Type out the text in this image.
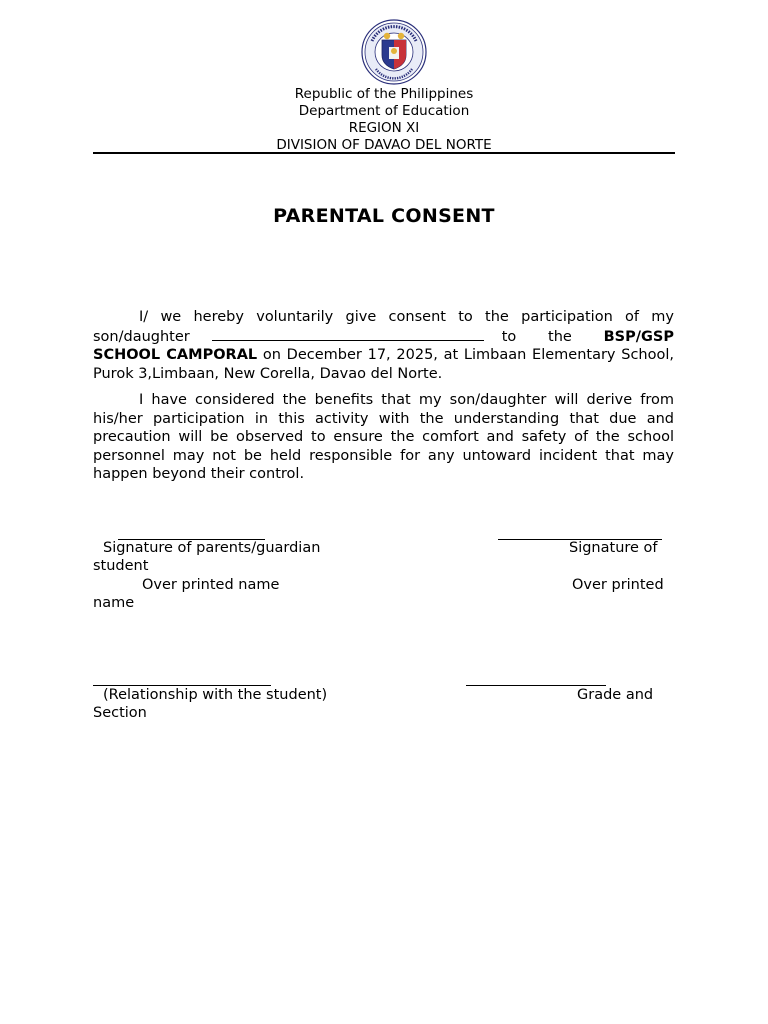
Republic of the Philippines
Department of Education
REGION XI
DIVISION OF DAVAO DEL NORTE
PARENTAL CONSENT
I/ we hereby voluntarily give consent to the participation of my son/daughter	to the BSP/GSP SCHOOL CAMPORAL on December 17, 2025, at Limbaan Elementary School, Purok 3,Limbaan, New Corella, Davao del Norte.
I have considered the benefits that my son/daughter will derive from his/her participation in this activity with the understanding that due and precaution will be observed to ensure the comfort and safety of the school personnel may not be held responsible for any untoward incident that may happen beyond their control.
Signature of parents/guardian	Signature of
student
Over printed name	Over printed
name
(Relationship with the student)	Grade and
Section
